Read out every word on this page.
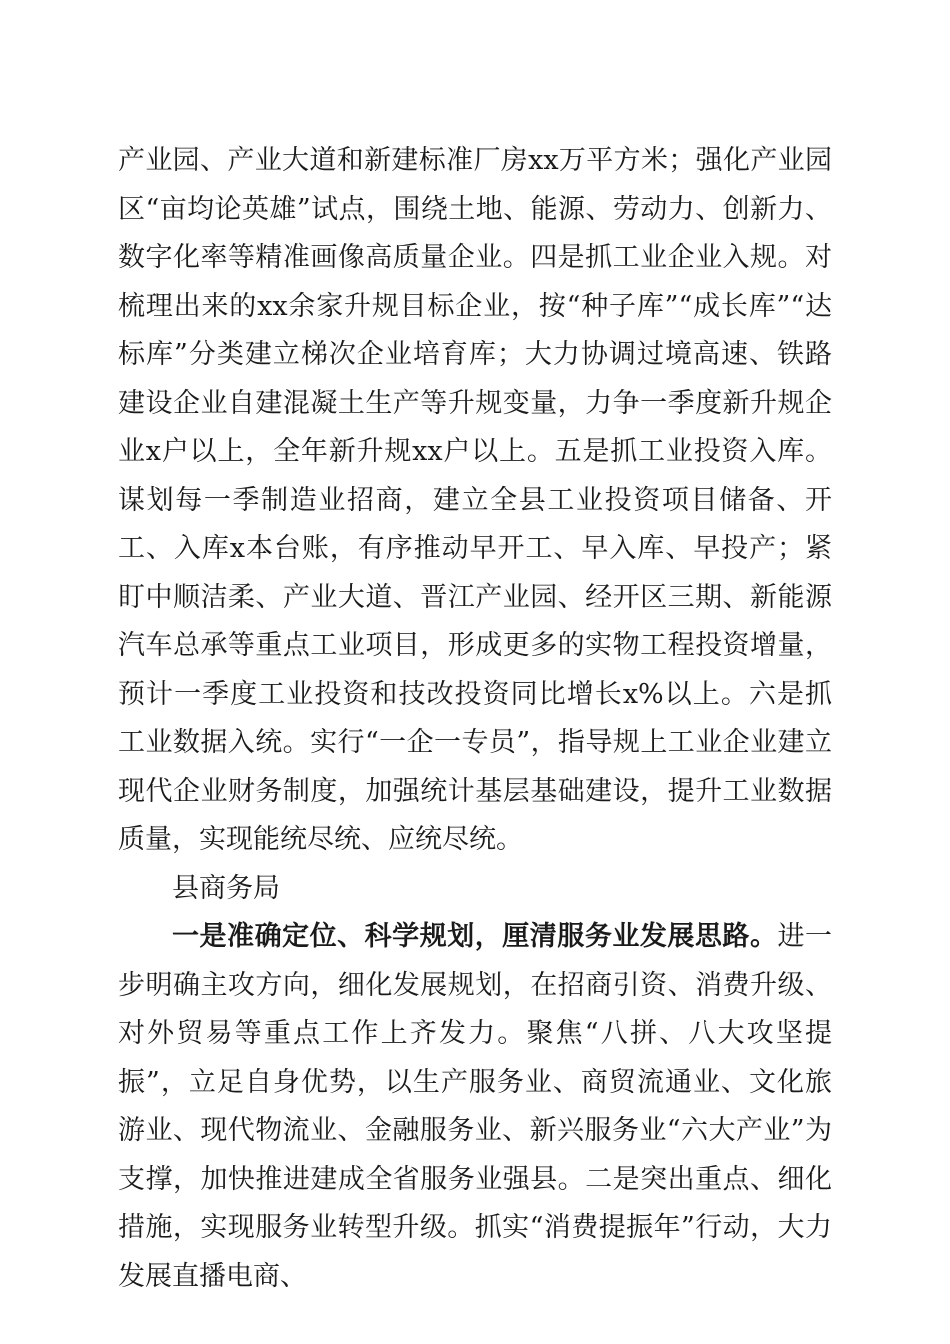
产业园、产业大道和新建标准厂房xx万平方米；强化产业园区“亩均论英雄”试点，围绕土地、能源、劳动力、创新力、数字化率等精准画像高质量企业。四是抓工业企业入规。对梳理出来的xx余家升规目标企业，按“种子库”“成长库”“达标库”分类建立梯次企业培育库；大力协调过境高速、铁路建设企业自建混凝土生产等升规变量，力争一季度新升规企业x户以上，全年新升规xx户以上。五是抓工业投资入库。谋划每一季制造业招商，建立全县工业投资项目储备、开工、入库x本台账，有序推动早开工、早入库、早投产；紧盯中顺洁柔、产业大道、晋江产业园、经开区三期、新能源汽车总承等重点工业项目，形成更多的实物工程投资增量，预计一季度工业投资和技改投资同比增长x%以上。六是抓工业数据入统。实行“一企一专员”，指导规上工业企业建立现代企业财务制度，加强统计基层基础建设，提升工业数据质量，实现能统尽统、应统尽统。

县商务局

一是准确定位、科学规划，厘清服务业发展思路。进一步明确主攻方向，细化发展规划，在招商引资、消费升级、对外贸易等重点工作上齐发力。聚焦“八拼、八大攻坚提振”，立足自身优势，以生产服务业、商贸流通业、文化旅游业、现代物流业、金融服务业、新兴服务业“六大产业”为支撑，加快推进建成全省服务业强县。二是突出重点、细化措施，实现服务业转型升级。抓实“消费提振年”行动，大力发展直播电商、
